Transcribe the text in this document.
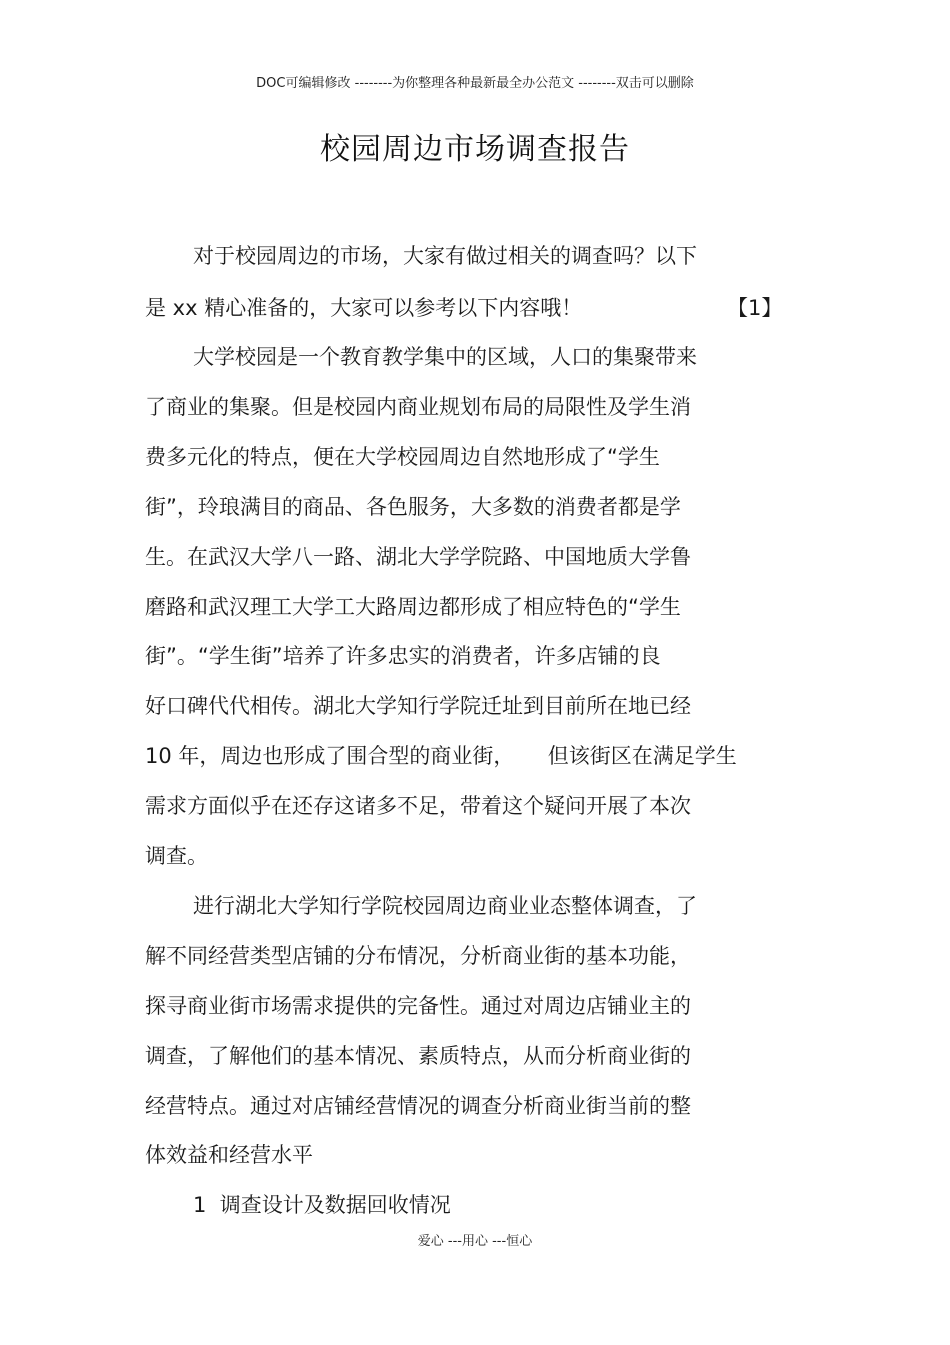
DOC可编辑修改 --------为你整理各种最新最全办公范文 --------双击可以删除
校园周边市场调查报告
对于校园周边的市场，大家有做过相关的调查吗？以下
是 xx 精心准备的，大家可以参考以下内容哦！	【1】
大学校园是一个教育教学集中的区域，人口的集聚带来
了商业的集聚。但是校园内商业规划布局的局限性及学生消
费多元化的特点，便在大学校园周边自然地形成了“学生
街”，玲琅满目的商品、各色服务，大多数的消费者都是学
生。在武汉大学八一路、湖北大学学院路、中国地质大学鲁
磨路和武汉理工大学工大路周边都形成了相应特色的“学生
街”。“学生街”培养了许多忠实的消费者，许多店铺的良
好口碑代代相传。湖北大学知行学院迁址到目前所在地已经
10 年，周边也形成了围合型的商业街，     但该街区在满足学生
需求方面似乎在还存这诸多不足，带着这个疑问开展了本次
调查。
进行湖北大学知行学院校园周边商业业态整体调查，了
解不同经营类型店铺的分布情况，分析商业街的基本功能，
探寻商业街市场需求提供的完备性。通过对周边店铺业主的
调查，了解他们的基本情况、素质特点，从而分析商业街的
经营特点。通过对店铺经营情况的调查分析商业街当前的整
体效益和经营水平
1  调查设计及数据回收情况
爱心 ---用心 ---恒心
